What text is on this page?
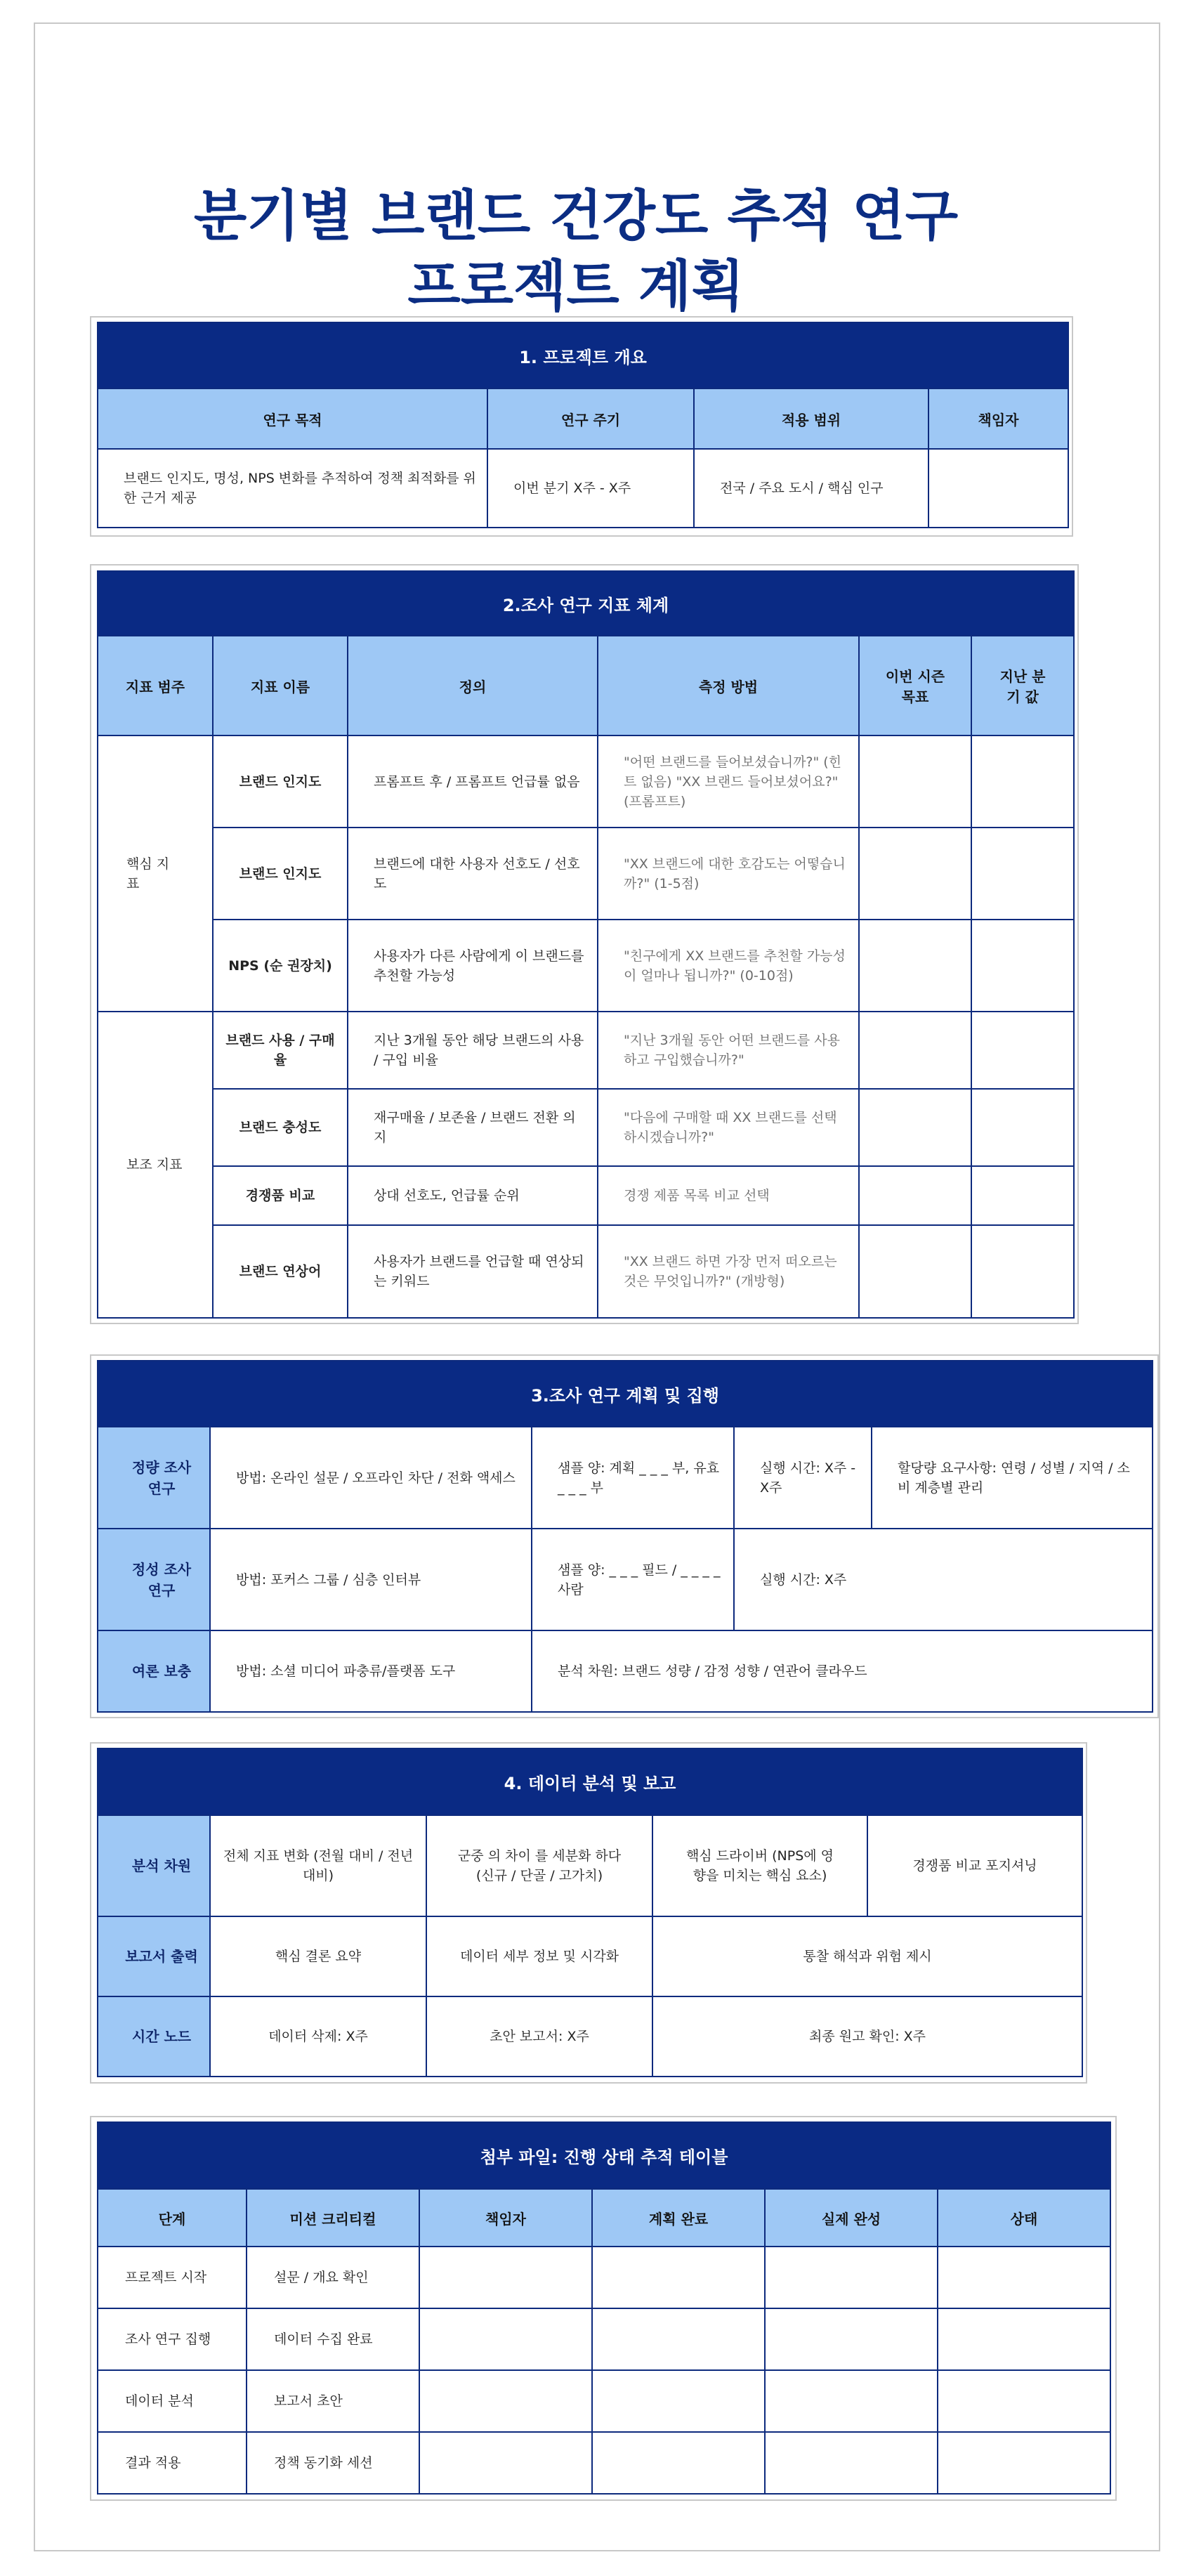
분기별 브랜드 건강도 추적 연구
프로젝트 계획
1. 프로젝트 개요			
연구 목적	연구 주기	적용 범위	책임자
브랜드 인지도, 명성, NPS 변화를 추적하여 정책 최적화를 위한 근거 제공	이번 분기 X주 - X주	전국 / 주요 도시 / 핵심 인구	
2.조사 연구 지표 체계					
지표 범주	지표 이름	정의	측정 방법	이번 시즌 목표	지난 분기 값
핵심 지표	브랜드 인지도	프롬프트 후 / 프롬프트 언급률 없음	"어떤 브랜드를 들어보셨습니까?" (힌트 없음) "XX 브랜드 들어보셨어요?"(프롬프트)		
	브랜드 인지도	브랜드에 대한 사용자 선호도 / 선호도	"XX 브랜드에 대한 호감도는 어떻습니까?" (1-5점)		
	NPS (순 권장치)	사용자가 다른 사람에게 이 브랜드를 추천할 가능성	"친구에게 XX 브랜드를 추천할 가능성이 얼마나 됩니까?" (0-10점)		
보조 지표	브랜드 사용 / 구매율	지난 3개월 동안 해당 브랜드의 사용 / 구입 비율	"지난 3개월 동안 어떤 브랜드를 사용하고 구입했습니까?"		
	브랜드 충성도	재구매율 / 보존율 / 브랜드 전환 의지	"다음에 구매할 때 XX 브랜드를 선택하시겠습니까?"		
	경쟁품 비교	상대 선호도, 언급률 순위	경쟁 제품 목록 비교 선택		
	브랜드 연상어	사용자가 브랜드를 언급할 때 연상되는 키워드	"XX 브랜드 하면 가장 먼저 떠오르는 것은 무엇입니까?" (개방형)		
3.조사 연구 계획 및 집행				
정량 조사 연구	방법: 온라인 설문 / 오프라인 차단 / 전화 액세스	샘플 양: 계획 _ _ _ 부, 유효 _ _ _ 부	실행 시간: X주 - X주	할당량 요구사항: 연령 / 성별 / 지역 / 소비 계층별 관리
정성 조사 연구	방법: 포커스 그룹 / 심층 인터뷰	샘플 양: _ _ _ 필드 / _ _ _ _ 사람	실행 시간: X주	
여론 보충	방법: 소셜 미디어 파충류/플랫폼 도구	분석 차원: 브랜드 성량 / 감정 성향 / 연관어 클라우드		
4. 데이터 분석 및 보고				
분석 차원	전체 지표 변화 (전월 대비 / 전년 대비)	군중 의 차이 를 세분화 하다 (신규 / 단골 / 고가치)	핵심 드라이버 (NPS에 영향을 미치는 핵심 요소)	경쟁품 비교 포지셔닝
보고서 출력	핵심 결론 요약	데이터 세부 정보 및 시각화	통찰 해석과 위험 제시	
시간 노드	데이터 삭제: X주	초안 보고서: X주	최종 원고 확인: X주	
첨부 파일: 진행 상태 추적 테이블					
단계	미션 크리티컬	책임자	계획 완료	실제 완성	상태
프로젝트 시작	설문 / 개요 확인				
조사 연구 집행	데이터 수집 완료				
데이터 분석	보고서 초안				
결과 적용	정책 동기화 세션				
